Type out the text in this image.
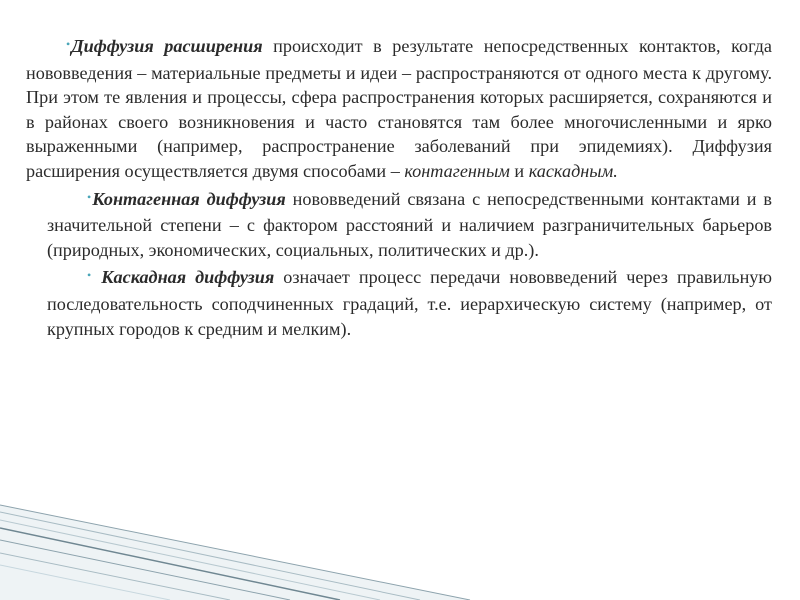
•Диффузия расширения происходит в результате непосредственных контактов, когда нововведения – материальные предметы и идеи – распространяются от одного места к другому. При этом те явления и процессы, сфера распространения которых расширяется, сохраняются и в районах своего возникновения и часто становятся там более многочисленными и ярко выраженными (например, распространение заболеваний при эпидемиях). Диффузия расширения осуществляется двумя способами – контагенным и каскадным.

•Контагенная диффузия нововведений связана с непосредственными контактами и в значительной степени – с фактором расстояний и наличием разграничительных барьеров (природных, экономических, социальных, политических и др.).

• Каскадная диффузия означает процесс передачи нововведений через правильную последовательность соподчиненных градаций, т.е. иерархическую систему (например, от крупных городов к средним и мелким).
